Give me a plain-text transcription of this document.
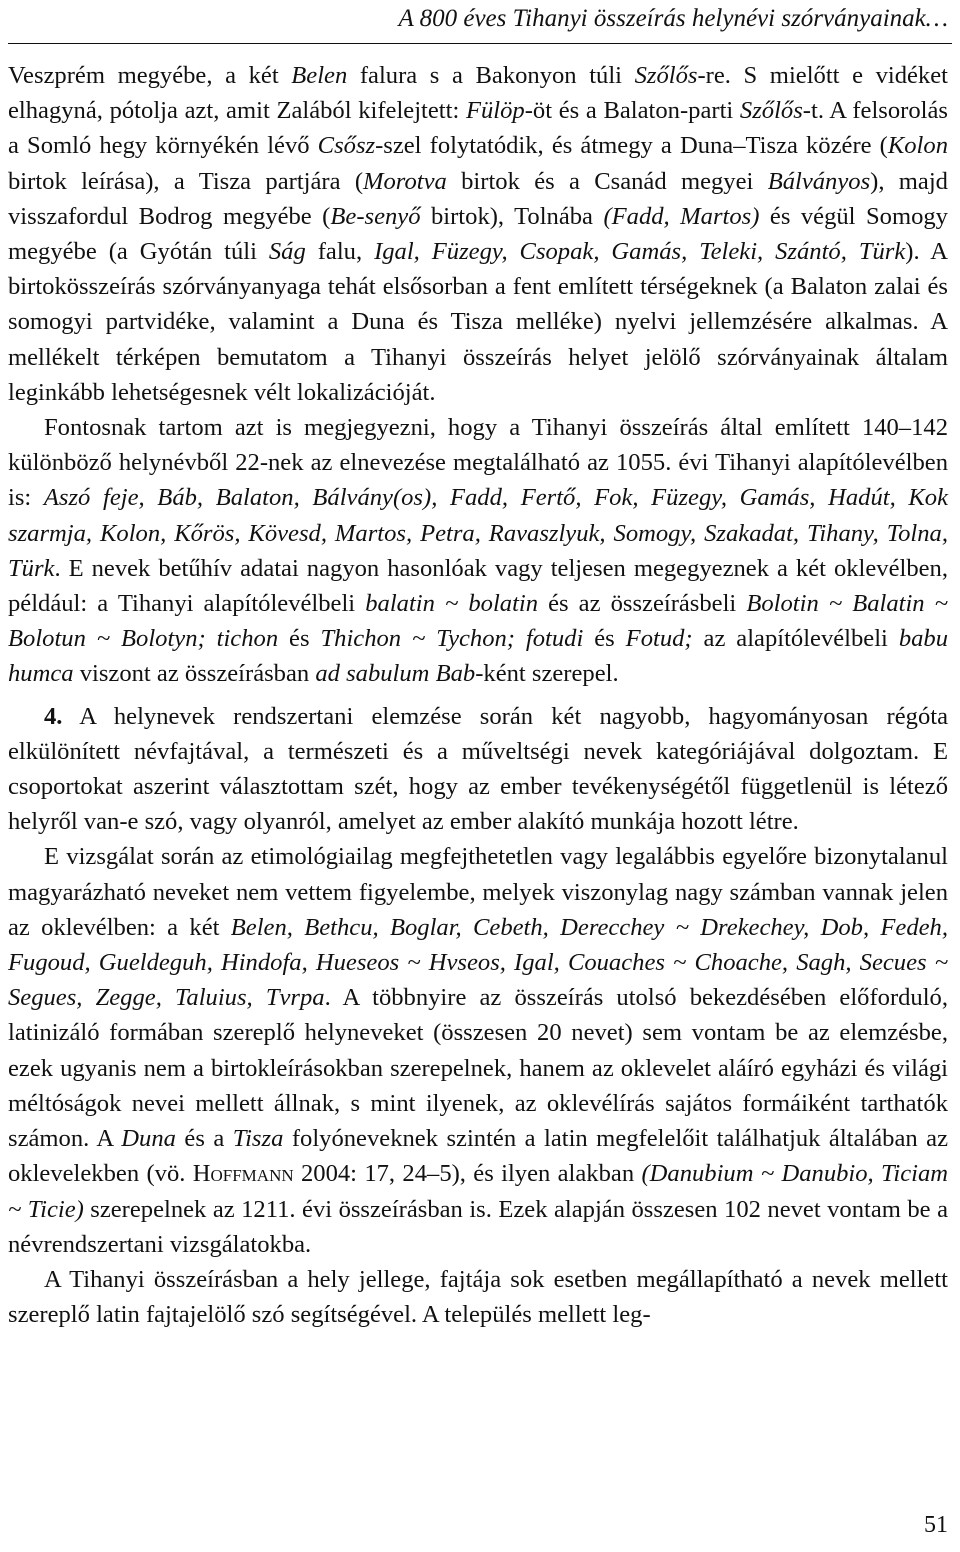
A 800 éves Tihanyi összeírás helynévi szórványainak…

Veszprém megyébe, a két Belen falura s a Bakonyon túli Szőlős-re. S mielőtt e vidéket elhagyná, pótolja azt, amit Zalából kifelejtett: Fülöp-öt és a Balaton-parti Szőlős-t. A felsorolás a Somló hegy környékén lévő Csősz-szel folytatódik, és átmegy a Duna–Tisza közére (Kolon birtok leírása), a Tisza partjára (Morotva birtok és a Csanád megyei Bálványos), majd visszafordul Bodrog megyébe (Be-senyő birtok), Tolnába (Fadd, Martos) és végül Somogy megyébe (a Gyótán túli Ság falu, Igal, Füzegy, Csopak, Gamás, Teleki, Szántó, Türk). A birtokösszeírás szórványanyaga tehát elsősorban a fent említett térségeknek (a Balaton zalai és somogyi partvidéke, valamint a Duna és Tisza melléke) nyelvi jellemzésére alkalmas. A mellékelt térképen bemutatom a Tihanyi összeírás helyet jelölő szórványainak általam leginkább lehetségesnek vélt lokalizációját.

Fontosnak tartom azt is megjegyezni, hogy a Tihanyi összeírás által említett 140–142 különböző helynévből 22-nek az elnevezése megtalálható az 1055. évi Tihanyi alapítólevélben is: Aszó feje, Báb, Balaton, Bálvány(os), Fadd, Fertő, Fok, Füzegy, Gamás, Hadút, Kok szarmja, Kolon, Kőrös, Kövesd, Martos, Petra, Ravaszlyuk, Somogy, Szakadat, Tihany, Tolna, Türk. E nevek betűhív adatai nagyon hasonlóak vagy teljesen megegyeznek a két oklevélben, például: a Tihanyi alapítólevélbeli balatin ~ bolatin és az összeírásbeli Bolotin ~ Balatin ~ Bolotun ~ Bolotyn; tichon és Thichon ~ Tychon; fotudi és Fotud; az alapítólevélbeli babu humca viszont az összeírásban ad sabulum Bab-ként szerepel.

4. A helynevek rendszertani elemzése során két nagyobb, hagyományosan régóta elkülönített névfajtával, a természeti és a műveltségi nevek kategóriájával dolgoztam. E csoportokat aszerint választottam szét, hogy az ember tevékenységétől függetlenül is létező helyről van-e szó, vagy olyanról, amelyet az ember alakító munkája hozott létre.

E vizsgálat során az etimológiailag megfejthetetlen vagy legalábbis egyelőre bizonytalanul magyarázható neveket nem vettem figyelembe, melyek viszonylag nagy számban vannak jelen az oklevélben: a két Belen, Bethcu, Boglar, Cebeth, Derecchey ~ Drekechey, Dob, Fedeh, Fugoud, Gueldeguh, Hindofa, Hueseos ~ Hvseos, Igal, Couaches ~ Choache, Sagh, Secues ~ Segues, Zegge, Taluius, Tvrpa. A többnyire az összeírás utolsó bekezdésében előforduló, latinizáló formában szereplő helyneveket (összesen 20 nevet) sem vontam be az elemzésbe, ezek ugyanis nem a birtokleírásokban szerepelnek, hanem az oklevelet aláíró egyházi és világi méltóságok nevei mellett állnak, s mint ilyenek, az oklevélírás sajátos formáiként tarthatók számon. A Duna és a Tisza folyóneveknek szintén a latin megfelelőit találhatjuk általában az oklevelekben (vö. Hoffmann 2004: 17, 24–5), és ilyen alakban (Danubium ~ Danubio, Ticiam ~ Ticie) szerepelnek az 1211. évi összeírásban is. Ezek alapján összesen 102 nevet vontam be a névrendszertani vizsgálatokba.

A Tihanyi összeírásban a hely jellege, fajtája sok esetben megállapítható a nevek mellett szereplő latin fajtajelölő szó segítségével. A település mellett leg-

51
